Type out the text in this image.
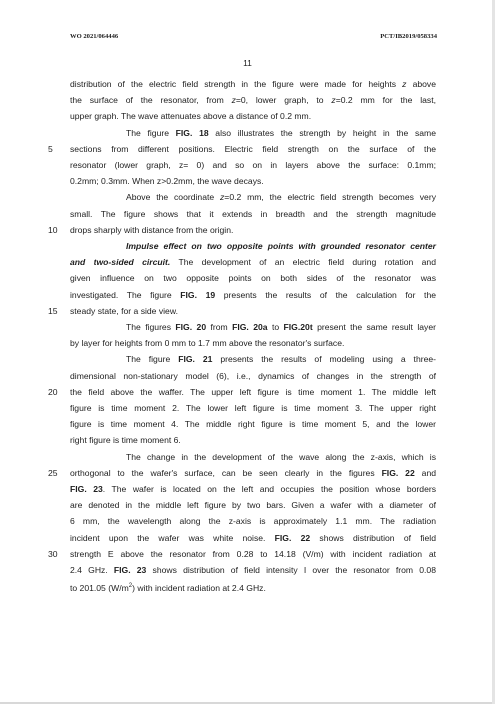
WO 2021/064446	PCT/IB2019/058334
11
5
10
15
20
25
30
distribution of the electric field strength in the figure were made for heights z above
the surface of the resonator, from z=0, lower graph, to z=0.2 mm for the last,
upper graph. The wave attenuates above a distance of 0.2 mm.
The figure FIG. 18 also illustrates the strength by height in the same
sections from different positions. Electric field strength on the surface of the
resonator (lower graph, z= 0) and so on in layers above the surface: 0.1mm;
0.2mm; 0.3mm. When z>0.2mm, the wave decays.
Above the coordinate z=0.2 mm, the electric field strength becomes very
small. The figure shows that it extends in breadth and the strength magnitude
drops sharply with distance from the origin.
Impulse effect on two opposite points with grounded resonator center
and two-sided circuit. The development of an electric field during rotation and
given influence on two opposite points on both sides of the resonator was
investigated. The figure FIG. 19 presents the results of the calculation for the
steady state, for a side view.
The figures FIG. 20 from FIG. 20a to FIG.20t present the same result layer
by layer for heights from 0 mm to 1.7 mm above the resonator's surface.
The figure FIG. 21 presents the results of modeling using a three-
dimensional non-stationary model (6), i.e., dynamics of changes in the strength of
the field above the waffer. The upper left figure is time moment 1. The middle left
figure is time moment 2. The lower left figure is time moment 3. The upper right
figure is time moment 4. The middle right figure is time moment 5, and the lower
right figure is time moment 6.
The change in the development of the wave along the z-axis, which is
orthogonal to the wafer's surface, can be seen clearly in the figures FIG. 22 and
FIG. 23. The wafer is located on the left and occupies the position whose borders
are denoted in the middle left figure by two bars. Given a wafer with a diameter of
6 mm, the wavelength along the z-axis is approximately 1.1 mm. The radiation
incident upon the wafer was white noise. FIG. 22 shows distribution of field
strength E above the resonator from 0.28 to 14.18 (V/m) with incident radiation at
2.4 GHz. FIG. 23 shows distribution of field intensity I over the resonator from 0.08
to 201.05 $(W/m^2)$ with incident radiation at 2.4 GHz.
